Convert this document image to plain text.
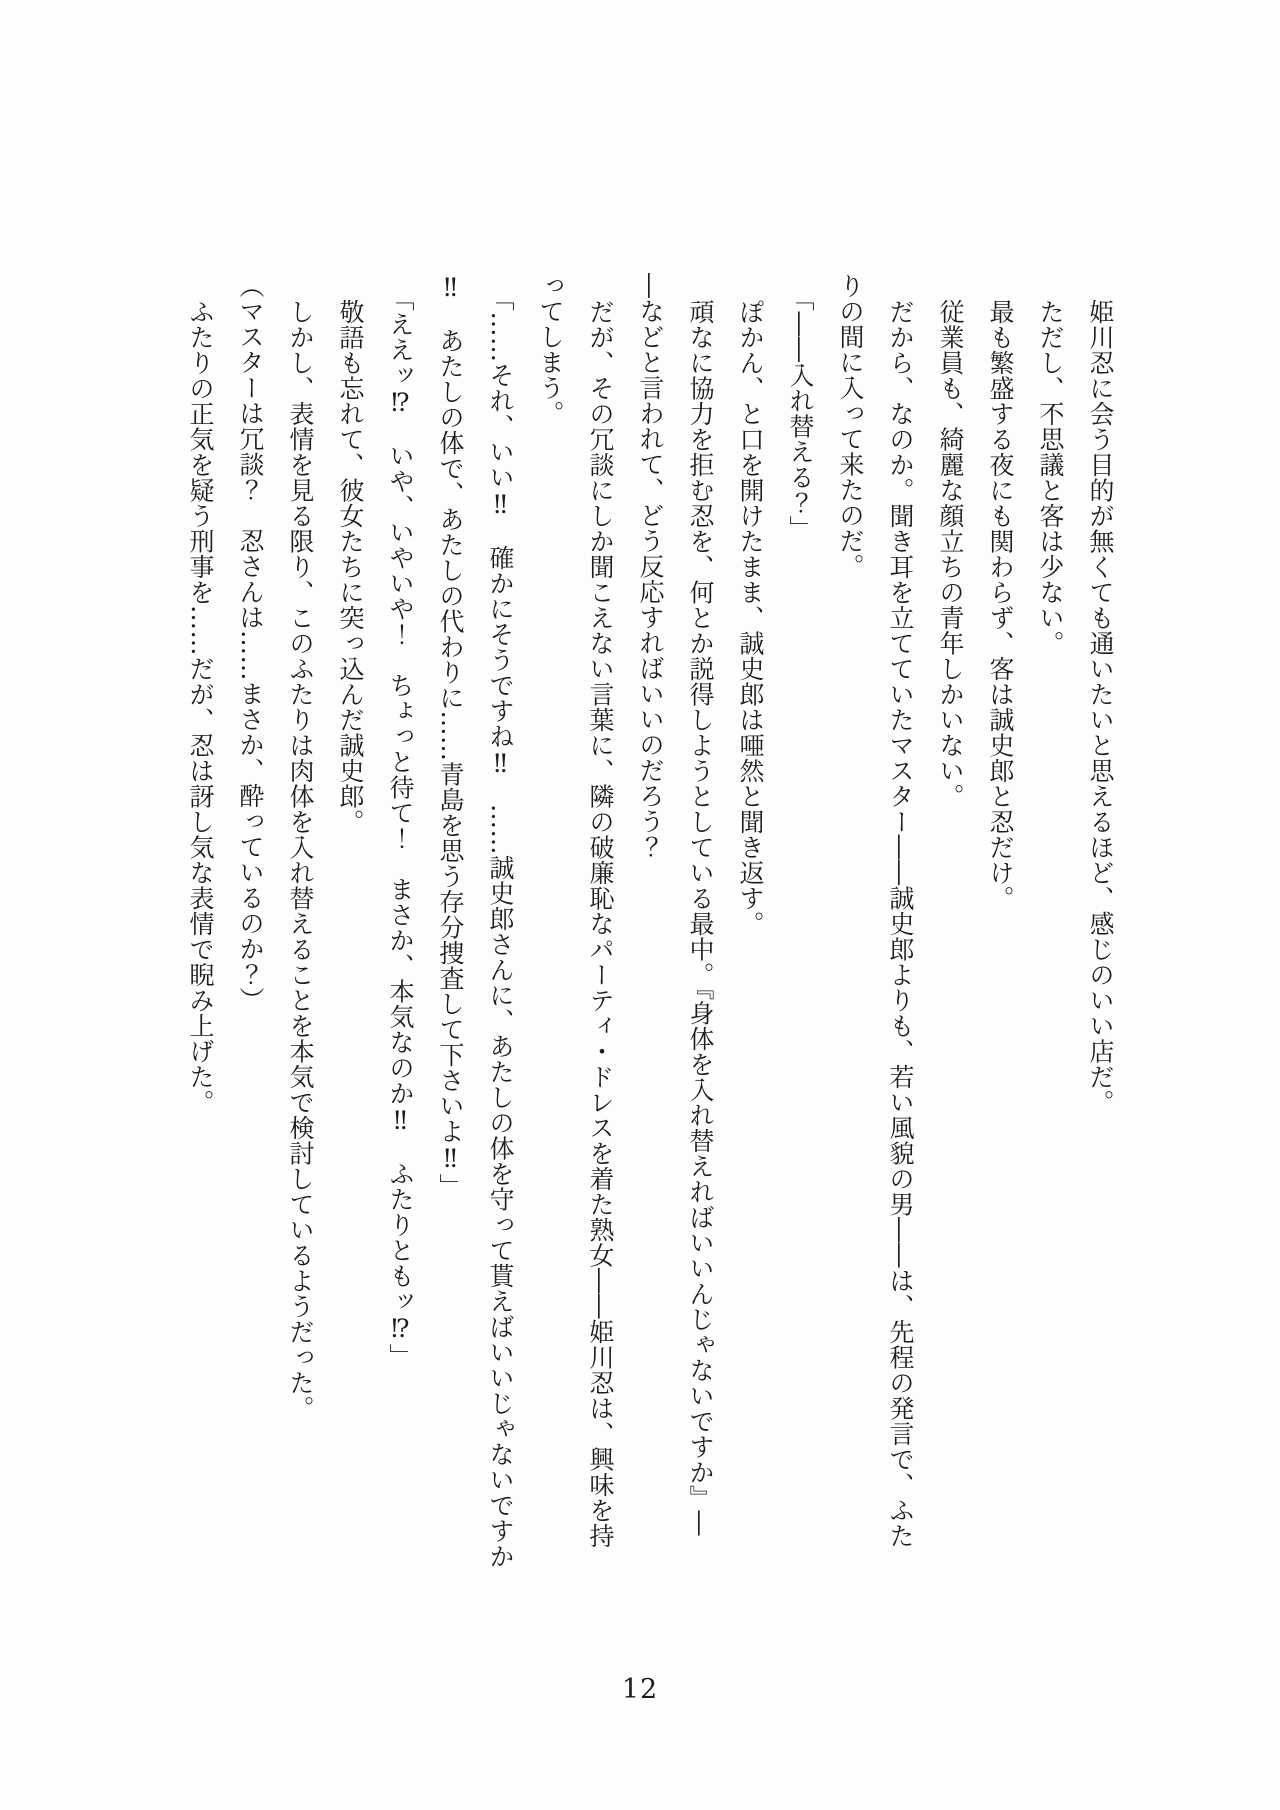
姫川忍に会う目的が無くても通いたいと思えるほど、感じのいい店だ。
ただし、不思議と客は少ない。
最も繁盛する夜にも関わらず、客は誠史郎と忍だけ。
従業員も、綺麗な顔立ちの青年しかいない。
だから、なのか。聞き耳を立てていたマスター――誠史郎よりも、若い風貌の男――は、先程の発言で、ふた
りの間に入って来たのだ。
「――入れ替える？」
ぽかん、と口を開けたまま、誠史郎は唖然と聞き返す。
頑なに協力を拒む忍を、何とか説得しようとしている最中。『身体を入れ替えればいいんじゃないですか』―
―などと言われて、どう反応すればいいのだろう？
だが、その冗談にしか聞こえない言葉に、隣の破廉恥なパーティ・ドレスを着た熟女――姫川忍は、興味を持
ってしまう。
「……それ、いい‼　確かにそうですね‼　……誠史郎さんに、あたしの体を守って貰えばいいじゃないですか
‼　あたしの体で、あたしの代わりに……青島を思う存分捜査して下さいよ‼」
「ええッ⁉　いや、いやいや！　ちょっと待て！　まさか、本気なのか‼　ふたりともッ⁉」
敬語も忘れて、彼女たちに突っ込んだ誠史郎。
しかし、表情を見る限り、このふたりは肉体を入れ替えることを本気で検討しているようだった。
（マスターは冗談？　忍さんは……まさか、酔っているのか？）
ふたりの正気を疑う刑事を……だが、忍は訝し気な表情で睨み上げた。
12
